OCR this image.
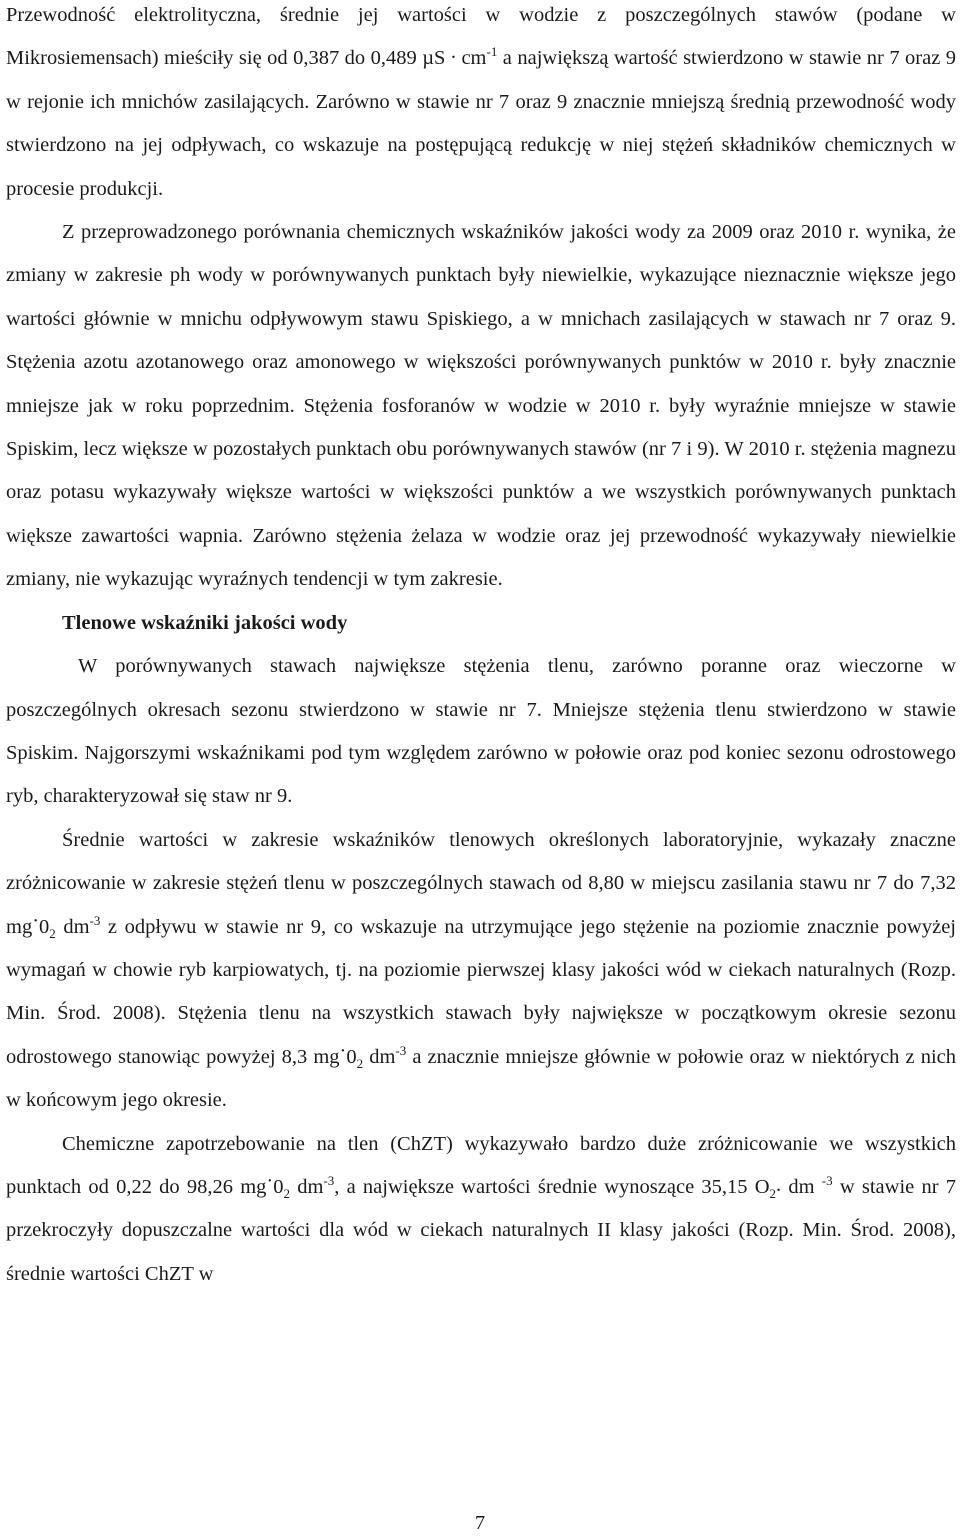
Przewodność elektrolityczna, średnie jej wartości w wodzie z poszczególnych stawów (podane w Mikrosiemensach) mieściły się od 0,387 do 0,489 µS . $cm^{-1}$ a największą wartość stwierdzono w stawie nr 7 oraz 9 w rejonie ich mnichów zasilających. Zarówno w stawie nr 7 oraz 9 znacznie mniejszą średnią przewodność wody stwierdzono na jej odpływach, co wskazuje na postępującą redukcję w niej stężeń składników chemicznych w procesie produkcji.

Z przeprowadzonego porównania chemicznych wskaźników jakości wody za 2009 oraz 2010 r. wynika, że zmiany w zakresie ph wody w porównywanych punktach były niewielkie, wykazujące nieznacznie większe jego wartości głównie w mnichu odpływowym stawu Spiskiego, a w mnichach zasilających w stawach nr 7 oraz 9. Stężenia azotu azotanowego oraz amonowego w większości porównywanych punktów w 2010 r. były znacznie mniejsze jak w roku poprzednim. Stężenia fosforanów w wodzie w 2010 r. były wyraźnie mniejsze w stawie Spiskim, lecz większe w pozostałych punktach obu porównywanych stawów (nr 7 i 9). W 2010 r. stężenia magnezu oraz potasu wykazywały większe wartości w większości punktów a we wszystkich porównywanych punktach większe zawartości wapnia. Zarówno stężenia żelaza w wodzie oraz jej przewodność wykazywały niewielkie zmiany, nie wykazując wyraźnych tendencji w tym zakresie.

Tlenowe wskaźniki jakości wody

W porównywanych stawach największe stężenia tlenu, zarówno poranne oraz wieczorne w poszczególnych okresach sezonu stwierdzono w stawie nr 7. Mniejsze stężenia tlenu stwierdzono w stawie Spiskim. Najgorszymi wskaźnikami pod tym względem zarówno w połowie oraz pod koniec sezonu odrostowego ryb, charakteryzował się staw nr 9.

Średnie wartości w zakresie wskaźników tlenowych określonych laboratoryjnie, wykazały znaczne zróżnicowanie w zakresie stężeń tlenu w poszczególnych stawach od 8,80 w miejscu zasilania stawu nr 7 do 7,32 $mg\cdot 0_2$ $dm^{-3}$ z odpływu w stawie nr 9, co wskazuje na utrzymujące jego stężenie na poziomie znacznie powyżej wymagań w chowie ryb karpiowatych, tj. na poziomie pierwszej klasy jakości wód w ciekach naturalnych (Rozp. Min. Środ. 2008). Stężenia tlenu na wszystkich stawach były największe w początkowym okresie sezonu odrostowego stanowiąc powyżej 8,3 $mg\cdot 0_2$ $dm^{-3}$ a znacznie mniejsze głównie w połowie oraz w niektórych z nich w końcowym jego okresie.

Chemiczne zapotrzebowanie na tlen (ChZT) wykazywało bardzo duże zróżnicowanie we wszystkich punktach od 0,22 do 98,26 $mg\cdot 0_2$ $dm^{-3}$, a największe wartości średnie wynoszące 35,15 $O_2$. dm $^{-3}$ w stawie nr 7 przekroczyły dopuszczalne wartości dla wód w ciekach naturalnych II klasy jakości (Rozp. Min. Środ. 2008), średnie wartości ChZT w

7
